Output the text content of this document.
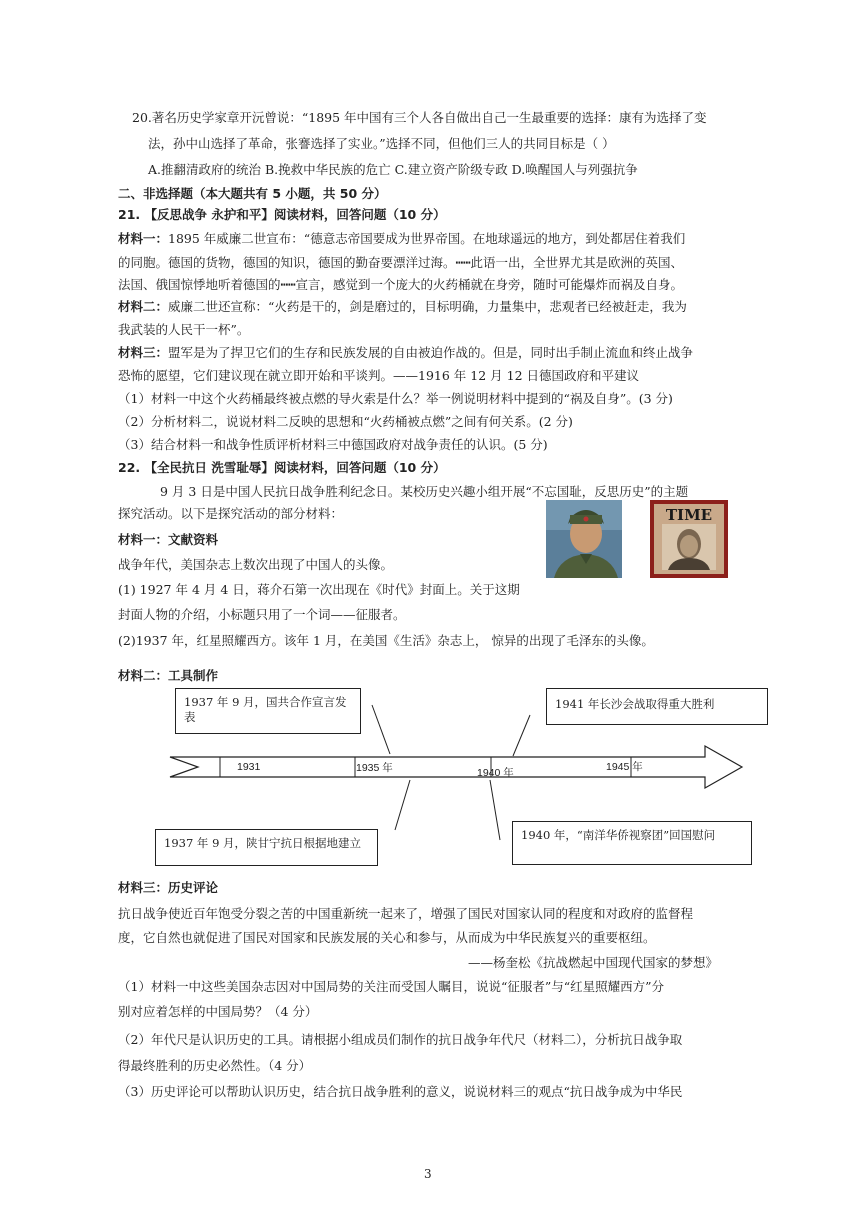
20.著名历史学家章开沅曾说：“1895 年中国有三个人各自做出自己一生最重要的选择：康有为选择了变
法，孙中山选择了革命，张謇选择了实业。”选择不同，但他们三人的共同目标是（ ）
A.推翻清政府的统治 B.挽救中华民族的危亡 C.建立资产阶级专政 D.唤醒国人与列强抗争
二、非选择题（本大题共有 5 小题，共 50 分）
21. 【反思战争 永护和平】阅读材料，回答问题（10 分）
材料一：1895 年威廉二世宣布：“德意志帝国要成为世界帝国。在地球遥远的地方，到处都居住着我们
的同胞。德国的货物，德国的知识，德国的勤奋要漂洋过海。┅┅此语一出，全世界尤其是欧洲的英国、
法国、俄国惊悸地听着德国的┅┅宣言，感觉到一个庞大的火药桶就在身旁，随时可能爆炸而祸及自身。
材料二：威廉二世还宣称：“火药是干的，剑是磨过的，目标明确，力量集中，悲观者已经被赶走，我为
我武装的人民干一杯”。
材料三：盟军是为了捍卫它们的生存和民族发展的自由被迫作战的。但是，同时出手制止流血和终止战争
恐怖的愿望，它们建议现在就立即开始和平谈判。——1916 年 12 月 12 日德国政府和平建议
（1）材料一中这个火药桶最终被点燃的导火索是什么？举一例说明材料中提到的“祸及自身”。(3 分)
（2）分析材料二，说说材料二反映的思想和“火药桶被点燃”之间有何关系。(2 分)
（3）结合材料一和战争性质评析材料三中德国政府对战争责任的认识。(5 分)
22. 【全民抗日 洗雪耻辱】阅读材料，回答问题（10 分）
9 月 3 日是中国人民抗日战争胜利纪念日。某校历史兴趣小组开展“不忘国耻，反思历史”的主题
探究活动。以下是探究活动的部分材料：
材料一：文献资料
战争年代，美国杂志上数次出现了中国人的头像。
(1) 1927 年 4 月 4 日，蒋介石第一次出现在《时代》封面上。关于这期
封面人物的介绍，小标题只用了一个词——征服者。
(2)1937 年，红星照耀西方。该年 1 月，在美国《生活》杂志上， 惊异的出现了毛泽东的头像。
TIME
材料二：工具制作
1931	1935 年	1940 年	1945 年
1937 年 9 月，国共合作宣言发表
1941 年长沙会战取得重大胜利
1937 年 9 月，陕甘宁抗日根据地建立
1940 年，“南洋华侨视察团”回国慰问
材料三：历史评论
抗日战争使近百年饱受分裂之苦的中国重新统一起来了，增强了国民对国家认同的程度和对政府的监督程
度，它自然也就促进了国民对国家和民族发展的关心和参与，从而成为中华民族复兴的重要枢纽。
——杨奎松《抗战燃起中国现代国家的梦想》
（1）材料一中这些美国杂志因对中国局势的关注而受国人瞩目，说说“征服者”与“红星照耀西方”分
别对应着怎样的中国局势？（4 分）
（2）年代尺是认识历史的工具。请根据小组成员们制作的抗日战争年代尺（材料二），分析抗日战争取
得最终胜利的历史必然性。（4 分）
（3）历史评论可以帮助认识历史，结合抗日战争胜利的意义，说说材料三的观点“抗日战争成为中华民
3
